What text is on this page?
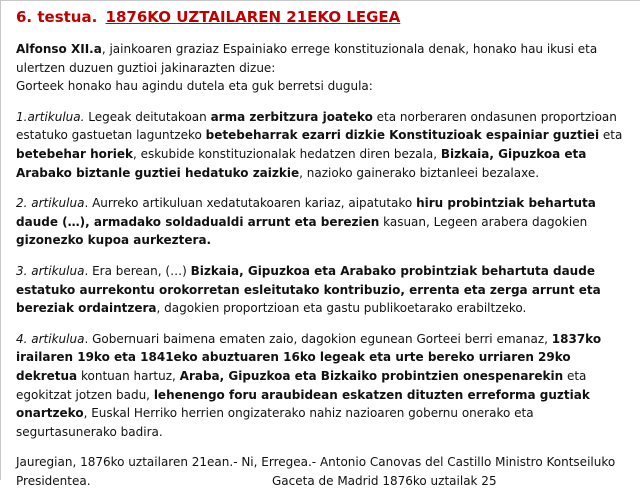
6. testua. 1876KO UZTAILAREN 21EKO LEGEA
Alfonso XII.a, jainkoaren graziaz Espainiako errege konstituzionala denak, honako hau ikusi eta ulertzen duzuen guztioi jakinarazten dizue:
Gorteek honako hau agindu dutela eta guk berretsi dugula:
1.artikulua. Legeak deitutakoan arma zerbitzura joateko eta norberaren ondasunen proportzioan estatuko gastuetan laguntzeko betebeharrak ezarri dizkie Konstituzioak espainiar guztiei eta betebehar horiek, eskubide konstituzionalak hedatzen diren bezala, Bizkaia, Gipuzkoa eta Arabako biztanle guztiei hedatuko zaizkie, nazioko gainerako biztanleei bezalaxe.
2. artikulua. Aurreko artikuluan xedatutakoaren kariaz, aipatutako hiru probintziak behartuta daude (…), armadako soldadualdi arrunt eta berezien kasuan, Legeen arabera dagokien gizonezko kupoa aurkeztera.
3. artikulua. Era berean, (…) Bizkaia, Gipuzkoa eta Arabako probintziak behartuta daude estatuko aurrekontu orokorretan esleitutako kontribuzio, errenta eta zerga arrunt eta bereziak ordaintzera, dagokien proportzioan eta gastu publikoetarako erabiltzeko.
4. artikulua. Gobernuari baimena ematen zaio, dagokion egunean Gorteei berri emanaz, 1837ko irailaren 19ko eta 1841eko abuztuaren 16ko legeak eta urte bereko urriaren 29ko dekretua kontuan hartuz, Araba, Gipuzkoa eta Bizkaiko probintzien onespenarekin eta egokitzat jotzen badu, lehenengo foru araubidean eskatzen dituzten erreforma guztiak onartzeko, Euskal Herriko herrien ongizaterako nahiz nazioaren gobernu onerako eta segurtasunerako badira.
Jauregian, 1876ko uztailaren 21ean.- Ni, Erregea.- Antonio Canovas del Castillo Ministro Kontseiluko
Presidentea.	Gaceta de Madrid 1876ko uztailak 25
